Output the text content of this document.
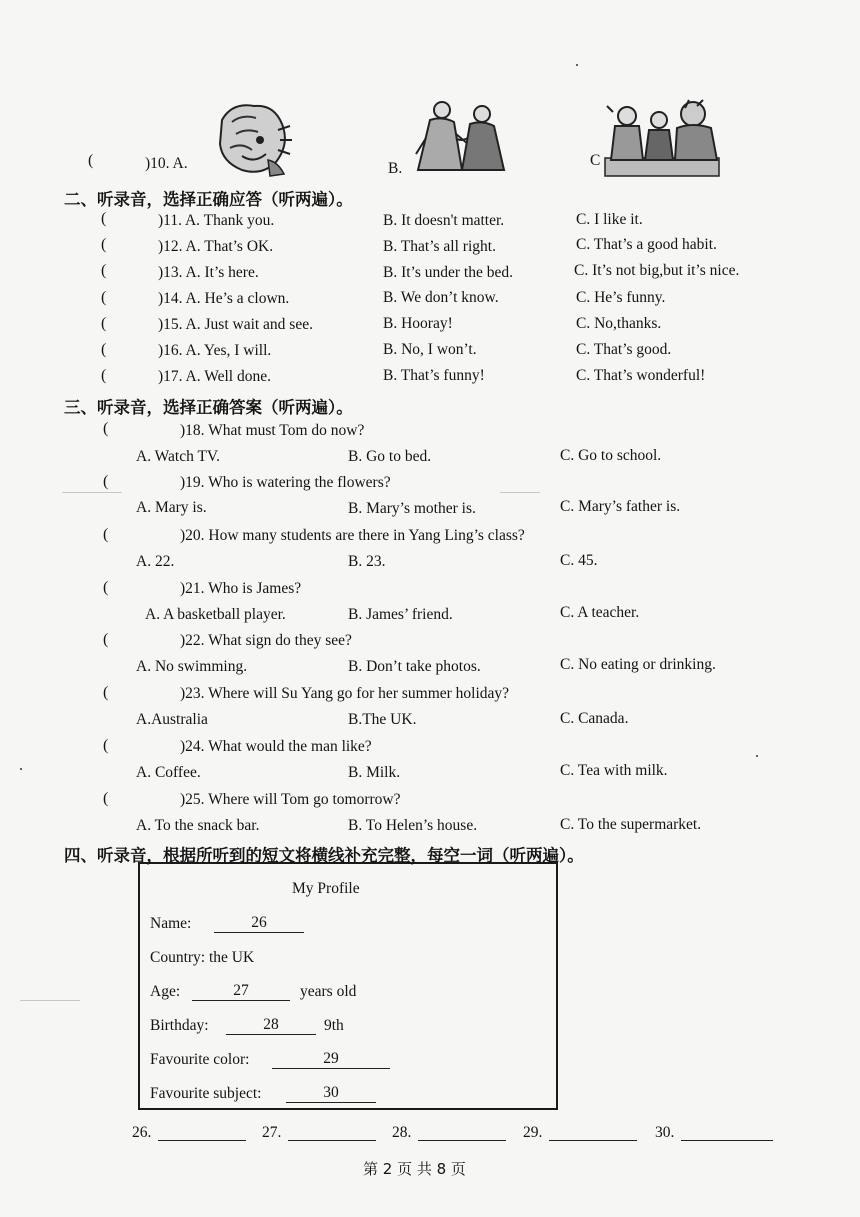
(	)10. A.	B.	C
二、听录音，选择正确应答（听两遍）。
(	)11. A. Thank you.	B. It doesn't matter.	C. I like it.
(	)12. A. That’s OK.	B. That’s all right.	C. That’s a good habit.
(	)13. A. It’s here.	B. It’s under the bed.	C. It’s not big,but it’s nice.
(	)14. A. He’s a clown.	B. We don’t know.	C. He’s funny.
(	)15. A. Just wait and see.	B. Hooray!	C. No,thanks.
(	)16. A. Yes, I will.	B. No, I won’t.	C. That’s good.
(	)17. A. Well done.	B. That’s funny!	C. That’s wonderful!
三、听录音，选择正确答案（听两遍）。
(	)18. What must Tom do now?
A. Watch TV.	B. Go to bed.	C. Go to school.
(	)19. Who is watering the flowers?
A. Mary is.	B. Mary’s mother is.	C. Mary’s father is.
(	)20. How many students are there in Yang Ling’s class?
A. 22.	B. 23.	C. 45.
(	)21. Who is James?
A. A basketball player.	B. James’ friend.	C. A teacher.
(	)22. What sign do they see?
A. No swimming.	B. Don’t take photos.	C. No eating or drinking.
(	)23. Where will Su Yang go for her summer holiday?
A.Australia	B.The UK.	C. Canada.
(	)24. What would the man like?
A. Coffee.	B. Milk.	C. Tea with milk.
(	)25. Where will Tom go tomorrow?
A. To the snack bar.	B. To Helen’s house.	C. To the supermarket.
四、听录音，根据所听到的短文将横线补充完整，每空一词（听两遍）。
My Profile
Name:	26
Country: the UK
Age:	27	years old
Birthday:	28	9th
Favourite color:	29
Favourite subject:	30
26.	27.	28.	29.	30.
第 2 页 共 8 页
